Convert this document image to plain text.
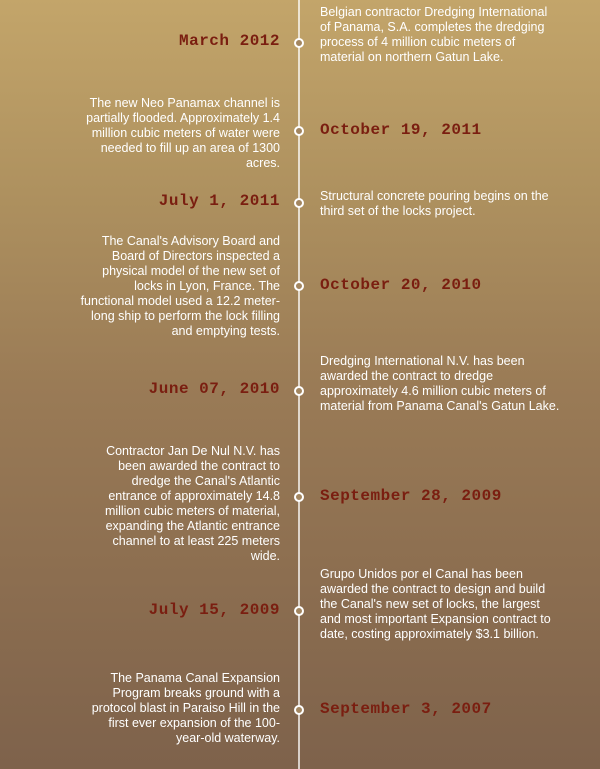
March 2012
Belgian contractor Dredging International of Panama, S.A. completes the dredging process of 4 million cubic meters of material on northern Gatun Lake.
The new Neo Panamax channel is partially flooded. Approximately 1.4 million cubic meters of water were needed to fill up an area of 1300 acres.
October 19, 2011
July 1, 2011	Structural concrete pouring begins on the third set of the locks project.
The Canal's Advisory Board and Board of Directors inspected a physical model of the new set of locks in Lyon, France. The functional model used a 12.2 meter-long ship to perform the lock filling and emptying tests.
October 20, 2010
June 07, 2010
Dredging International N.V. has been awarded the contract to dredge approximately 4.6 million cubic meters of material from Panama Canal's Gatun Lake.
Contractor Jan De Nul N.V. has been awarded the contract to dredge the Canal's Atlantic entrance of approximately 14.8 million cubic meters of material, expanding the Atlantic entrance channel to at least 225 meters wide.
September 28, 2009
July 15, 2009
Grupo Unidos por el Canal has been awarded the contract to design and build the Canal's new set of locks, the largest and most important Expansion contract to date, costing approximately $3.1 billion.
The Panama Canal Expansion Program breaks ground with a protocol blast in Paraiso Hill in the first ever expansion of the 100-year-old waterway.
September 3, 2007
